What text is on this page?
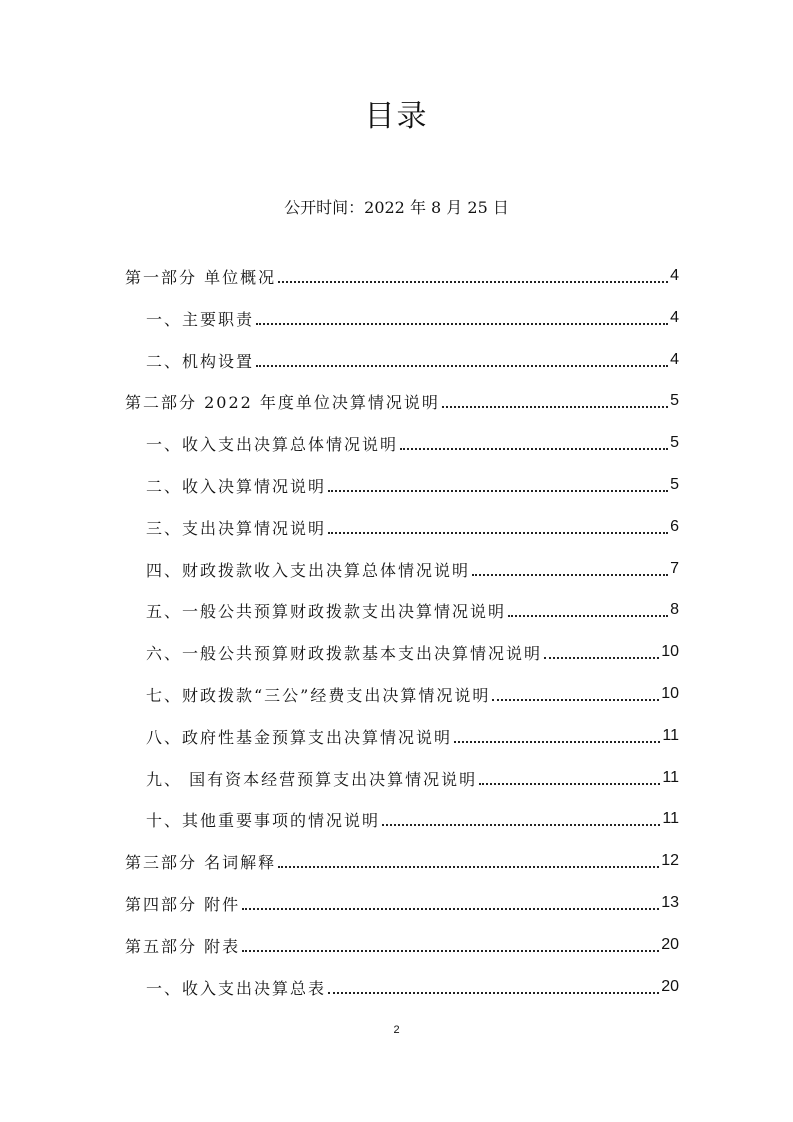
目录
公开时间：2022 年 8 月 25 日
第一部分 单位概况	4
一、主要职责	4
二、机构设置	4
第二部分 2022 年度单位决算情况说明	5
一、收入支出决算总体情况说明	5
二、收入决算情况说明	5
三、支出决算情况说明	6
四、财政拨款收入支出决算总体情况说明	7
五、一般公共预算财政拨款支出决算情况说明	8
六、一般公共预算财政拨款基本支出决算情况说明	10
七、财政拨款“三公”经费支出决算情况说明	10
八、政府性基金预算支出决算情况说明	11
九、 国有资本经营预算支出决算情况说明	11
十、其他重要事项的情况说明	11
第三部分 名词解释	12
第四部分 附件	13
第五部分 附表	20
一、收入支出决算总表	20
2
